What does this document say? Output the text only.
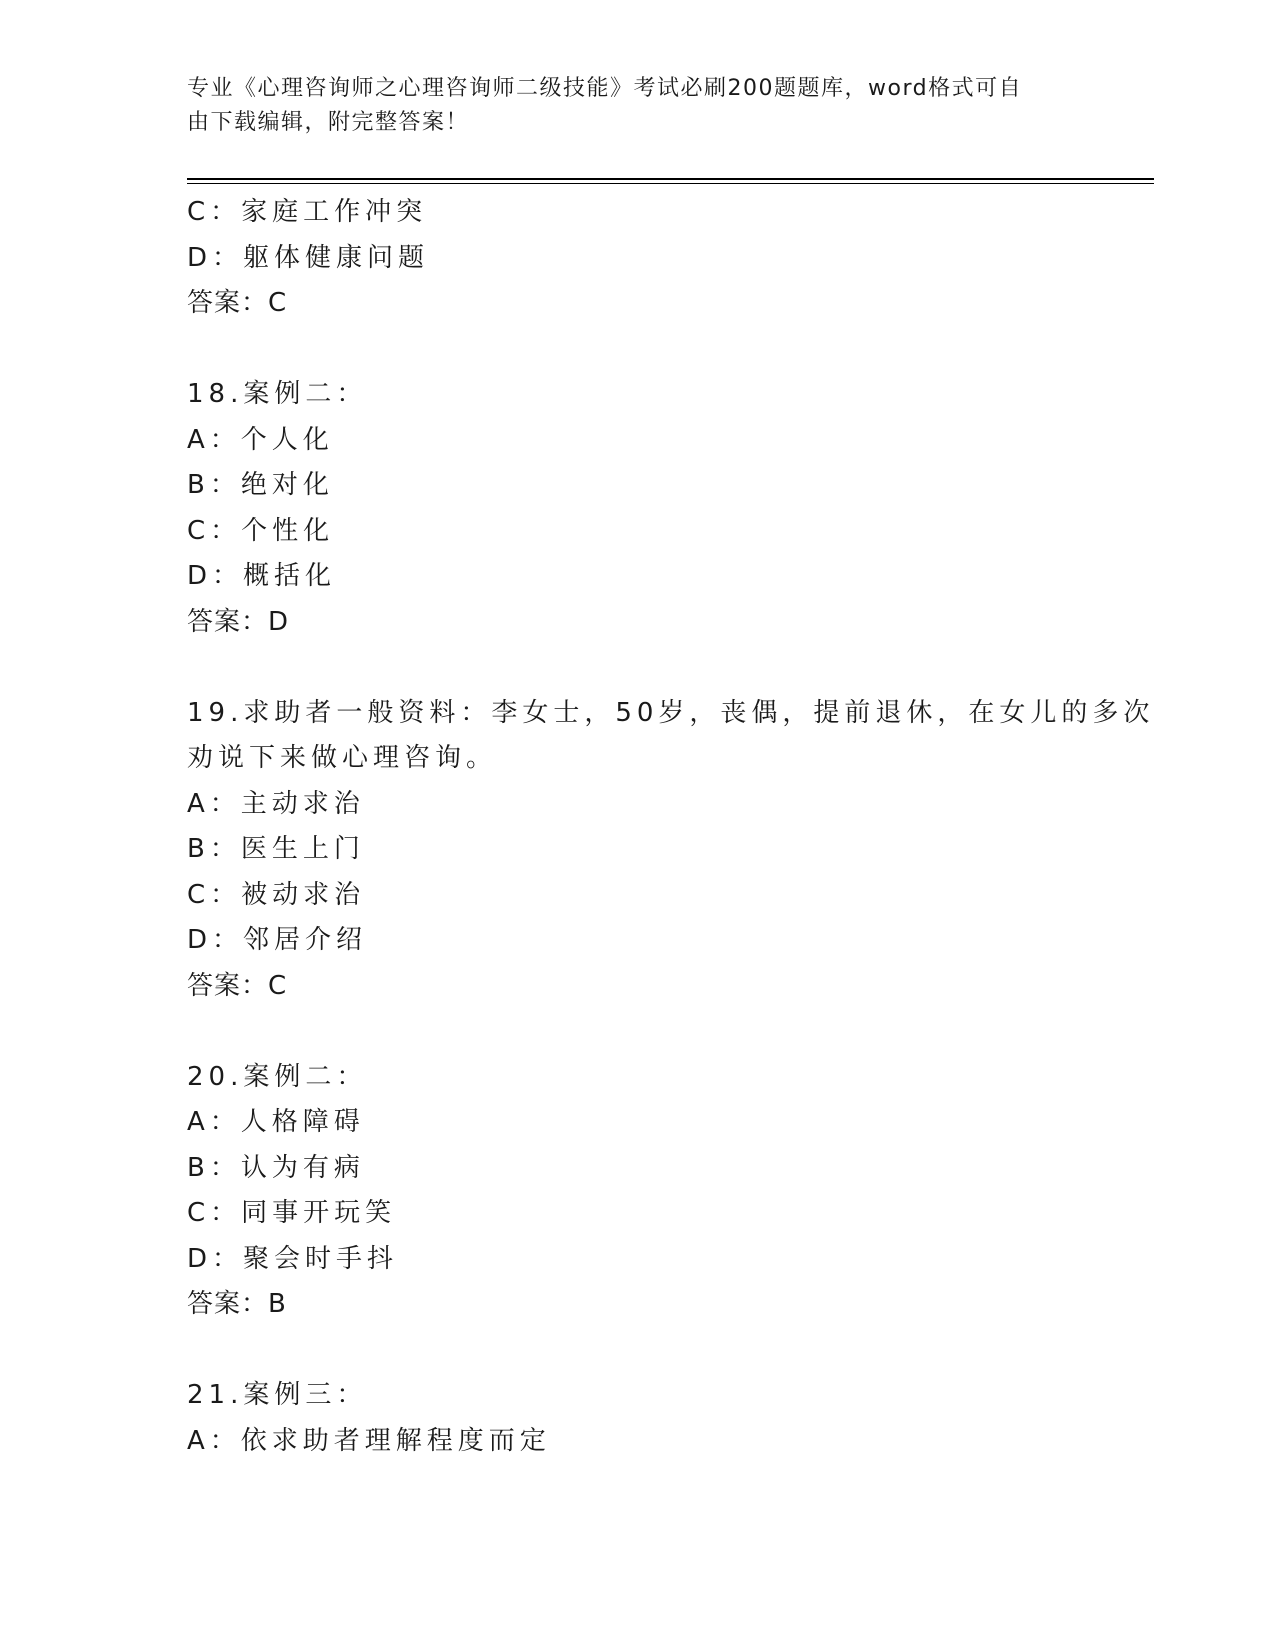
专业《心理咨询师之心理咨询师二级技能》考试必刷200题题库，word格式可自
由下载编辑，附完整答案！
C：家庭工作冲突
D：躯体健康问题
答案：C
18.案例二：
A：个人化
B：绝对化
C：个性化
D：概括化
答案：D
19.求助者一般资料：李女士，50岁，丧偶，提前退休，在女儿的多次
劝说下来做心理咨询。
A：主动求治
B：医生上门
C：被动求治
D：邻居介绍
答案：C
20.案例二：
A：人格障碍
B：认为有病
C：同事开玩笑
D：聚会时手抖
答案：B
21.案例三：
A：依求助者理解程度而定
